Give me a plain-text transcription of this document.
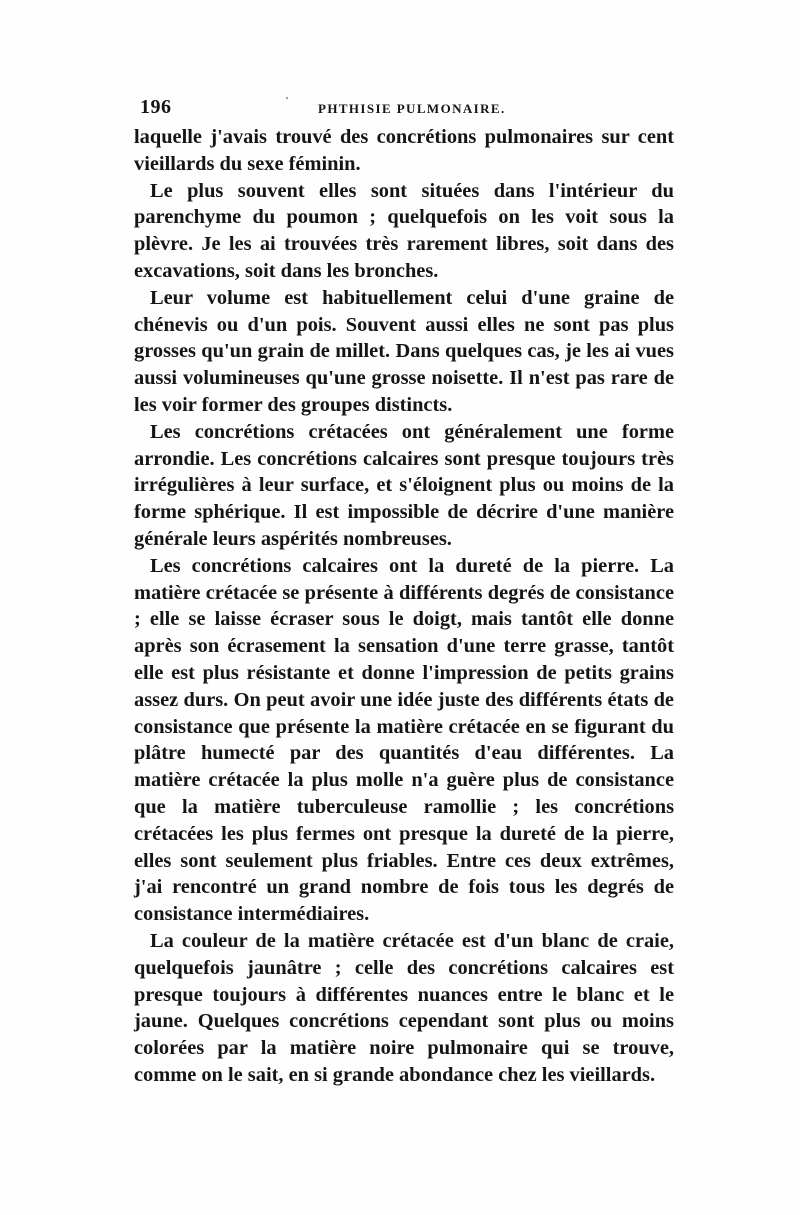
196	' PHTHISIE PULMONAIRE.

laquelle j'avais trouvé des concrétions pulmonaires sur cent vieillards du sexe féminin.

Le plus souvent elles sont situées dans l'intérieur du parenchyme du poumon ; quelquefois on les voit sous la plèvre. Je les ai trouvées très rarement libres, soit dans des excavations, soit dans les bronches.

Leur volume est habituellement celui d'une graine de chénevis ou d'un pois. Souvent aussi elles ne sont pas plus grosses qu'un grain de millet. Dans quelques cas, je les ai vues aussi volumineuses qu'une grosse noisette. Il n'est pas rare de les voir former des groupes distincts.

Les concrétions crétacées ont généralement une forme arrondie. Les concrétions calcaires sont presque toujours très irrégulières à leur surface, et s'éloignent plus ou moins de la forme sphérique. Il est impossible de décrire d'une manière générale leurs aspérités nombreuses.

Les concrétions calcaires ont la dureté de la pierre. La matière crétacée se présente à différents degrés de consistance ; elle se laisse écraser sous le doigt, mais tantôt elle donne après son écrasement la sensation d'une terre grasse, tantôt elle est plus résistante et donne l'impression de petits grains assez durs. On peut avoir une idée juste des différents états de consistance que présente la matière crétacée en se figurant du plâtre humecté par des quantités d'eau différentes. La matière crétacée la plus molle n'a guère plus de consistance que la matière tuberculeuse ramollie ; les concrétions crétacées les plus fermes ont presque la dureté de la pierre, elles sont seulement plus friables. Entre ces deux extrêmes, j'ai rencontré un grand nombre de fois tous les degrés de consistance intermédiaires.

La couleur de la matière crétacée est d'un blanc de craie, quelquefois jaunâtre ; celle des concrétions calcaires est presque toujours à différentes nuances entre le blanc et le jaune. Quelques concrétions cependant sont plus ou moins colorées par la matière noire pulmonaire qui se trouve, comme on le sait, en si grande abondance chez les vieillards.
